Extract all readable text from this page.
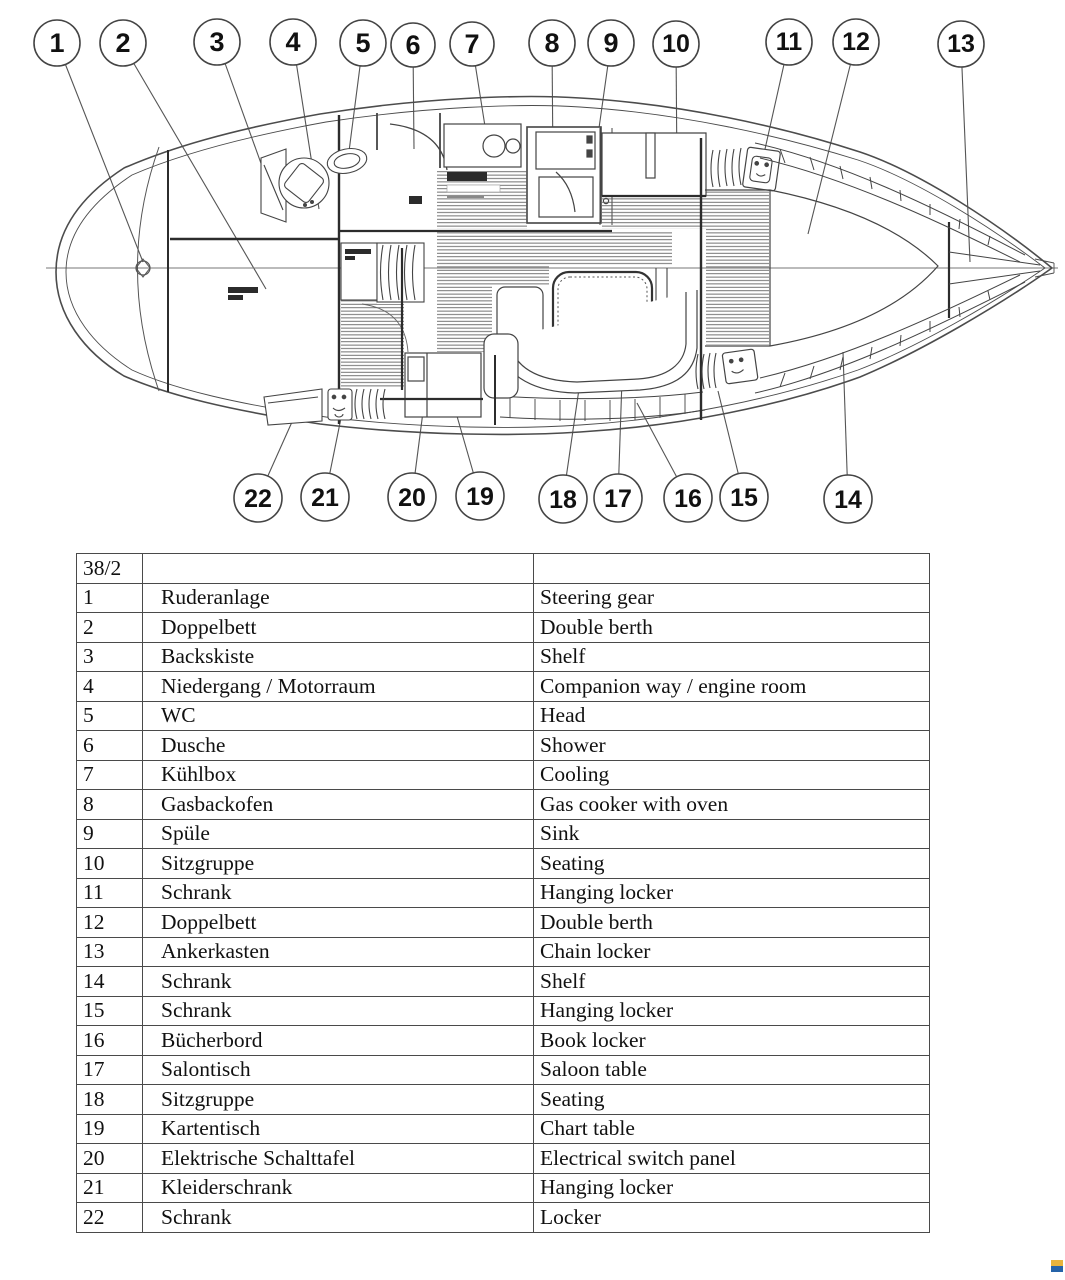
1 2	3 4 5 6 7 8 9 10	11 12	13
14
15
16
17
18
19
20
21
22
38/2		
1	Ruderanlage	Steering gear
2	Doppelbett	Double berth
3	Backskiste	Shelf
4	Niedergang / Motorraum	Companion way / engine room
5	WC	Head
6	Dusche	Shower
7	Kühlbox	Cooling
8	Gasbackofen	Gas cooker with oven
9	Spüle	Sink
10	Sitzgruppe	Seating
11	Schrank	Hanging locker
12	Doppelbett	Double berth
13	Ankerkasten	Chain locker
14	Schrank	Shelf
15	Schrank	Hanging locker
16	Bücherbord	Book locker
17	Salontisch	Saloon table
18	Sitzgruppe	Seating
19	Kartentisch	Chart table
20	Elektrische Schalttafel	Electrical switch panel
21	Kleiderschrank	Hanging locker
22	Schrank	Locker
